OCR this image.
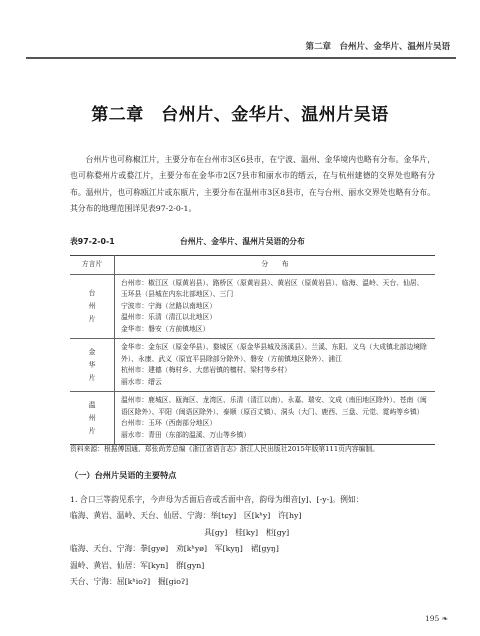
第二章　台州片、金华片、温州片吴语
第二章　台州片、金华片、温州片吴语

台州片也可称椒江片，主要分布在台州市3区6县市，在宁波、温州、金华境内也略有分布。金华片，也可称婺州片或婺江片，主要分布在金华市2区7县市和丽水市的缙云，在与杭州建德的交界处也略有分布。温州片，也可称瓯江片或东瓯片，主要分布在温州市3区8县市，在与台州、丽水交界处也略有分布。其分布的地理范围详见表97-2-0-1。

表97-2-0-1	台州片、金华片、温州片吴语的分布
方言片	分　　布

台
州
片	台州市：椒江区（原黄岩县）、路桥区（原黄岩县）、黄岩区（原黄岩县）、临海、温岭、天台、仙居、玉环县（县城在内东北部地区）、三门
宁波市：宁海（岔路以南地区）
温州市：乐清（清江以北地区）
金华市：磐安（方前镇地区）

金
华
片	金华市：金东区（原金华县）、婺城区（原金华县城及汤溪县）、兰溪、东阳、义乌（大成镇北部边境除外）、永康、武义（原宜平县除部分除外）、磐安（方前镇地区除外）、浦江
杭州市：建德（梅村乡、大慈岩镇的檀村、梁村等乡村）
丽水市：缙云

温
州
片	温州市：鹿城区、瓯海区、龙湾区、乐清（清江以南）、永嘉、瑞安、文成（南田地区除外）、苍南（闽语区除外）、平阳（闽语区除外）、泰顺（原百丈镇）、洞头（大门、鹿西、三盘、元觉、霓屿等乡镇）
台州市：玉环（西南部分地区）
丽水市：青田（东部的温溪、万山等乡镇）
资料来源：根据傅国通、郑张尚芳总编《浙江省语言志》浙江人民出版社2015年版第111页内容编制。
（一）台州片吴语的主要特点
1. 合口三等韵见系字，今声母为舌面后音或舌面中音，韵母为细音[y]、[-y-]。例如：
临海、黄岩、温岭、天台、仙居、宁海：举[tɕy]　区[kʰy]　许[hy]
具[gy]　桂[ky]　柜[gy]
临海、天台、宁海：拳[gyø]　劝[kʰyø]　军[kyŋ]　裙[gyŋ]
温岭、黄岩、仙居：军[kyn]　群[gyn]
天台、宁海：屈[kʰioʔ]　掘[gioʔ]
195 ❧
